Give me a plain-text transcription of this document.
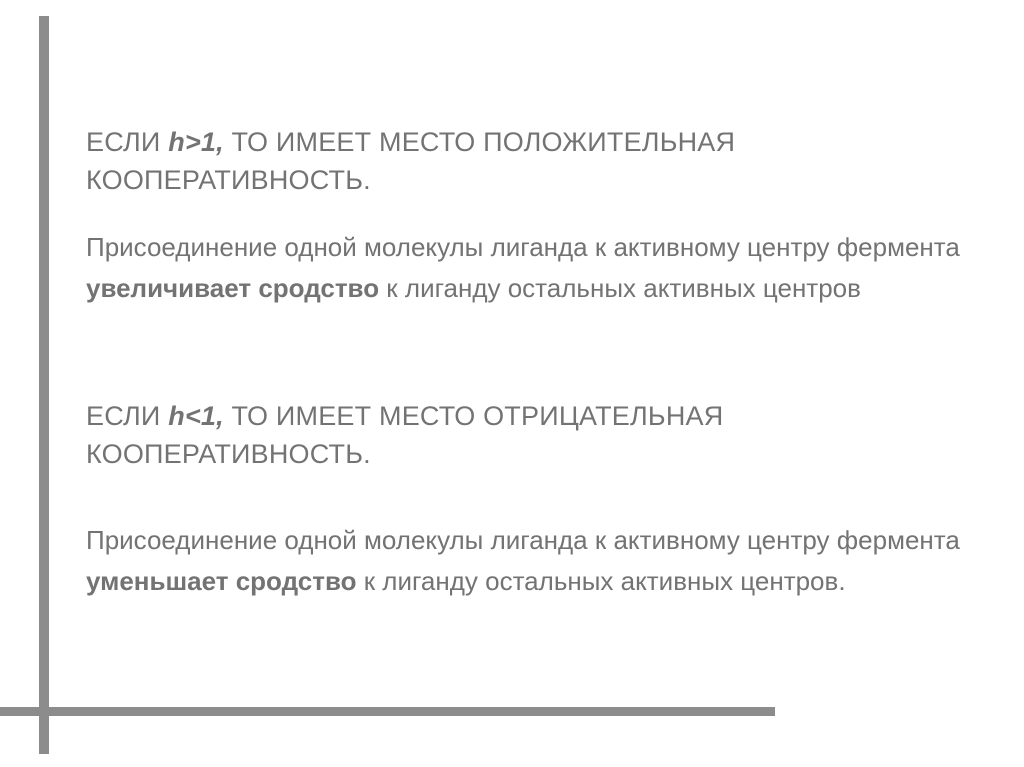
ЕСЛИ h>1, ТО ИМЕЕТ МЕСТО ПОЛОЖИТЕЛЬНАЯ
КООПЕРАТИВНОСТЬ.
Присоединение одной молекулы лиганда к активному центру фермента увеличивает сродство к лиганду остальных активных центров
ЕСЛИ h<1, ТО ИМЕЕТ МЕСТО ОТРИЦАТЕЛЬНАЯ
КООПЕРАТИВНОСТЬ.
Присоединение одной молекулы лиганда к активному центру фермента уменьшает сродство к лиганду остальных активных центров.
